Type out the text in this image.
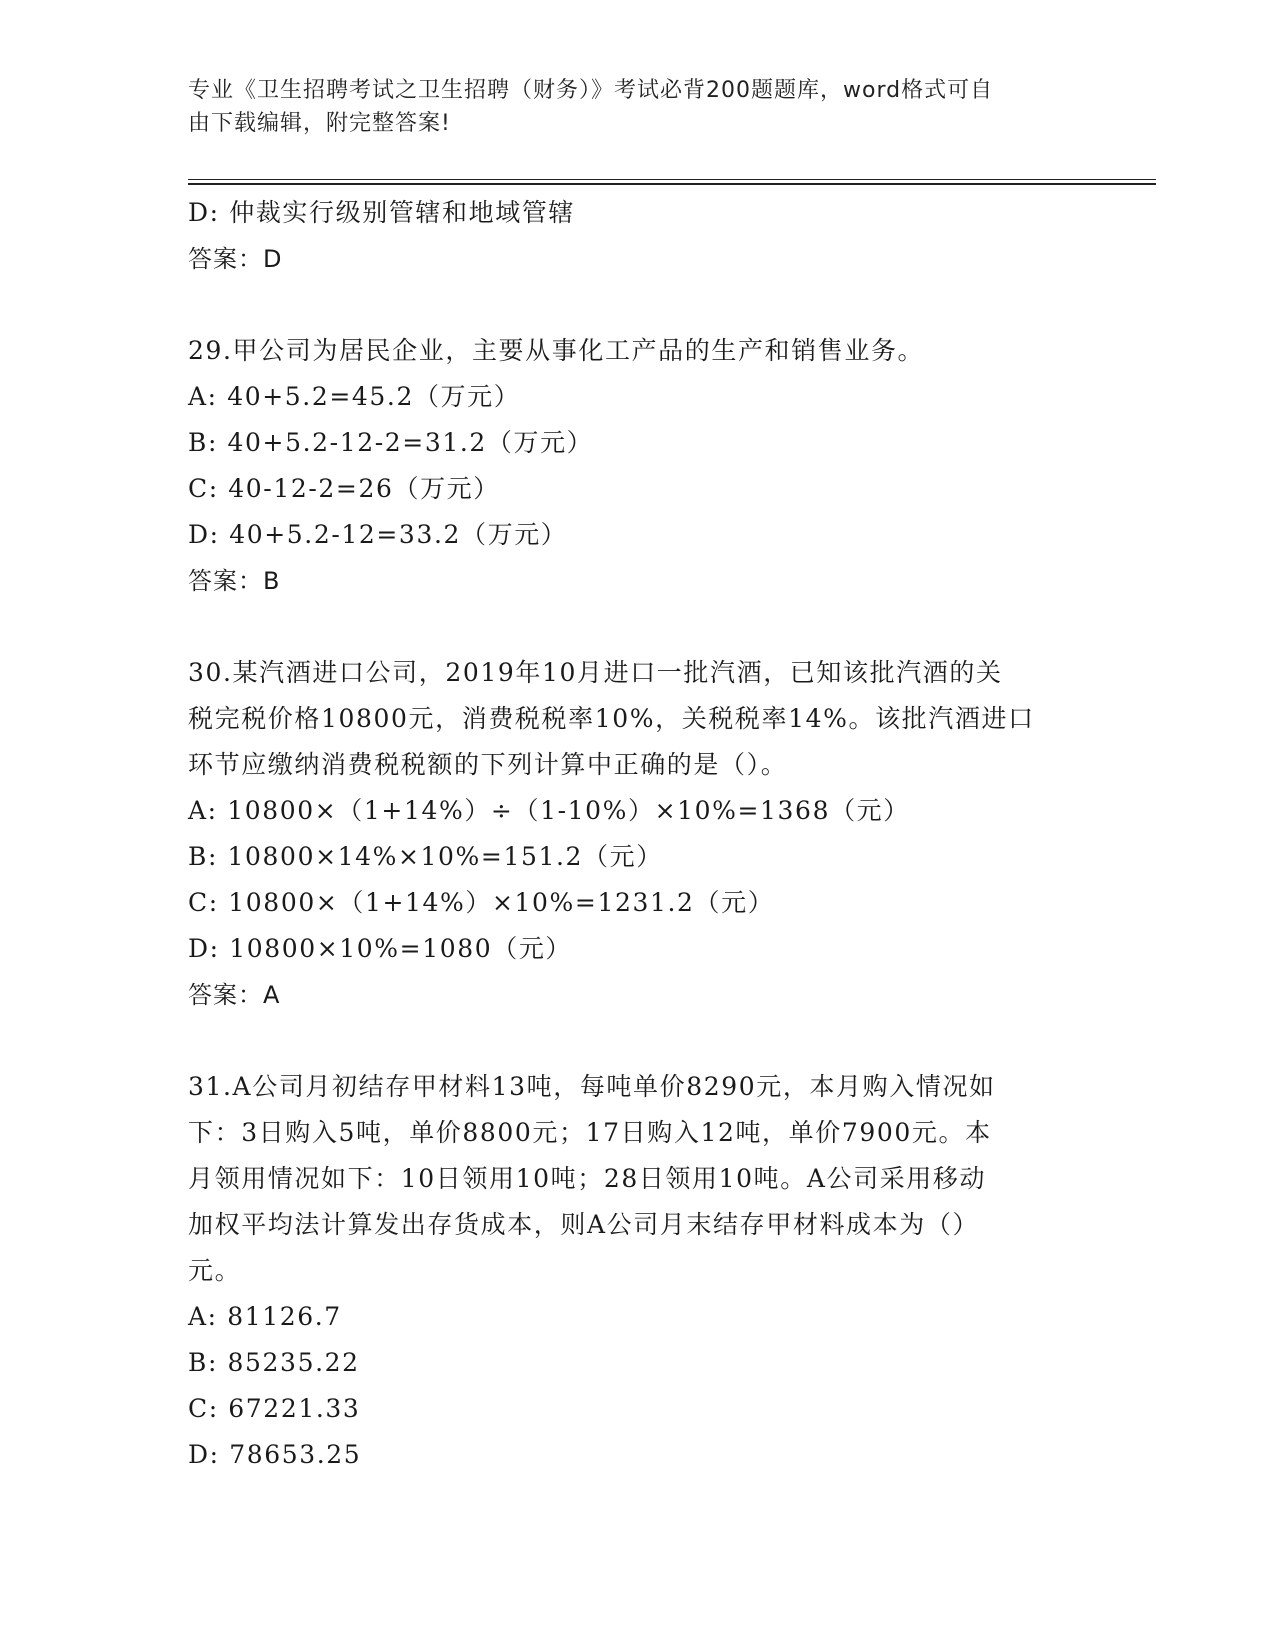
专业《卫生招聘考试之卫生招聘（财务）》考试必背200题题库，word格式可自
由下载编辑，附完整答案!
D: 仲裁实行级别管辖和地域管辖
答案：D
29.甲公司为居民企业，主要从事化工产品的生产和销售业务。
A: 40+5.2=45.2（万元）
B: 40+5.2-12-2=31.2（万元）
C: 40-12-2=26（万元）
D: 40+5.2-12=33.2（万元）
答案：B
30.某汽酒进口公司，2019年10月进口一批汽酒，已知该批汽酒的关
税完税价格10800元，消费税税率10%，关税税率14%。该批汽酒进口
环节应缴纳消费税税额的下列计算中正确的是（）。
A: 10800×（1+14%）÷（1-10%）×10%=1368（元）
B: 10800×14%×10%=151.2（元）
C: 10800×（1+14%）×10%=1231.2（元）
D: 10800×10%=1080（元）
答案：A
31.A公司月初结存甲材料13吨，每吨单价8290元，本月购入情况如
下：3日购入5吨，单价8800元；17日购入12吨，单价7900元。本
月领用情况如下：10日领用10吨；28日领用10吨。A公司采用移动
加权平均法计算发出存货成本，则A公司月末结存甲材料成本为（）
元。
A: 81126.7
B: 85235.22
C: 67221.33
D: 78653.25
